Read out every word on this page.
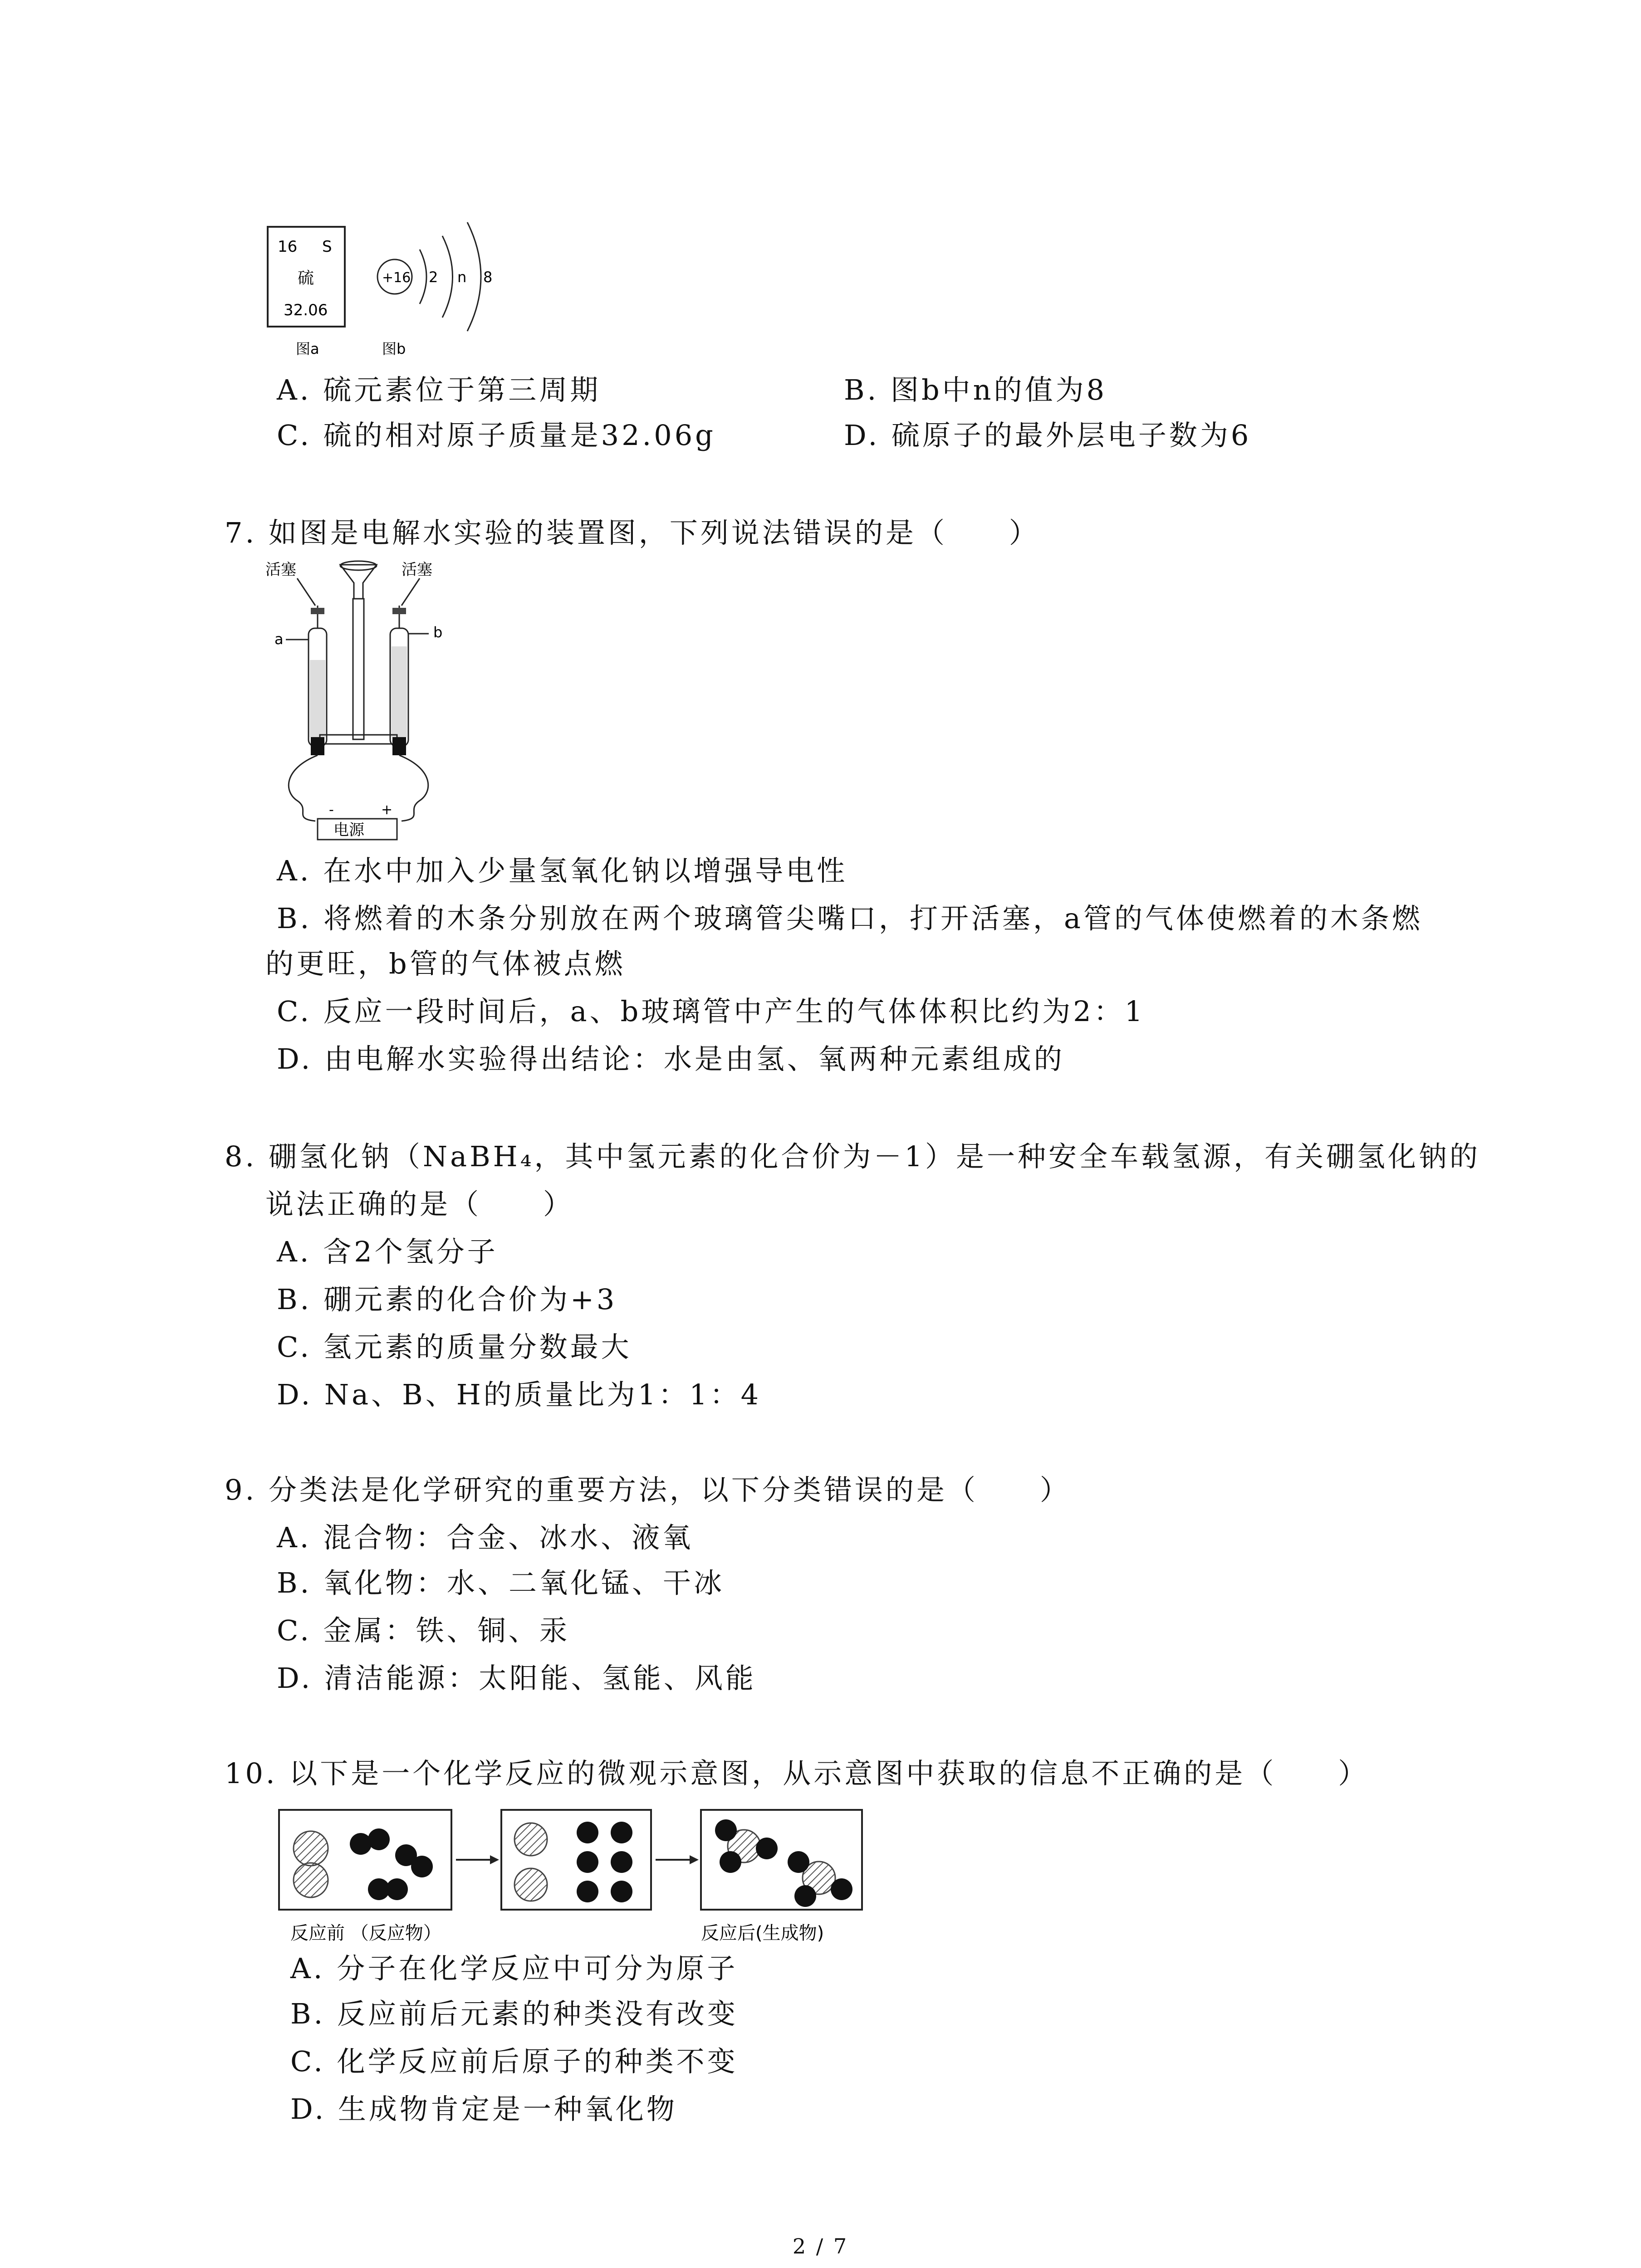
16 S
硫
32.06
图a
+16 2 n 8
图b
A. 硫元素位于第三周期	B. 图b中n的值为8
C. 硫的相对原子质量是32.06g	D. 硫原子的最外层电子数为6
7. 如图是电解水实验的装置图，下列说法错误的是（　　）
活塞	活塞
a	b
-	+
电源
A. 在水中加入少量氢氧化钠以增强导电性
B. 将燃着的木条分别放在两个玻璃管尖嘴口，打开活塞，a管的气体使燃着的木条燃
的更旺，b管的气体被点燃
C. 反应一段时间后，a、b玻璃管中产生的气体体积比约为2：1
D. 由电解水实验得出结论：水是由氢、氧两种元素组成的
8. 硼氢化钠（NaBH₄，其中氢元素的化合价为－1）是一种安全车载氢源，有关硼氢化钠的
说法正确的是（　　）
A. 含2个氢分子
B. 硼元素的化合价为+3
C. 氢元素的质量分数最大
D. Na、B、H的质量比为1：1：4
9. 分类法是化学研究的重要方法，以下分类错误的是（　　）
A. 混合物：合金、冰水、液氧
B. 氧化物：水、二氧化锰、干冰
C. 金属：铁、铜、汞
D. 清洁能源：太阳能、氢能、风能
10. 以下是一个化学反应的微观示意图，从示意图中获取的信息不正确的是（　　）
反应前 （反应物）	反应后(生成物)
A. 分子在化学反应中可分为原子
B. 反应前后元素的种类没有改变
C. 化学反应前后原子的种类不变
D. 生成物肯定是一种氧化物
2 / 7
